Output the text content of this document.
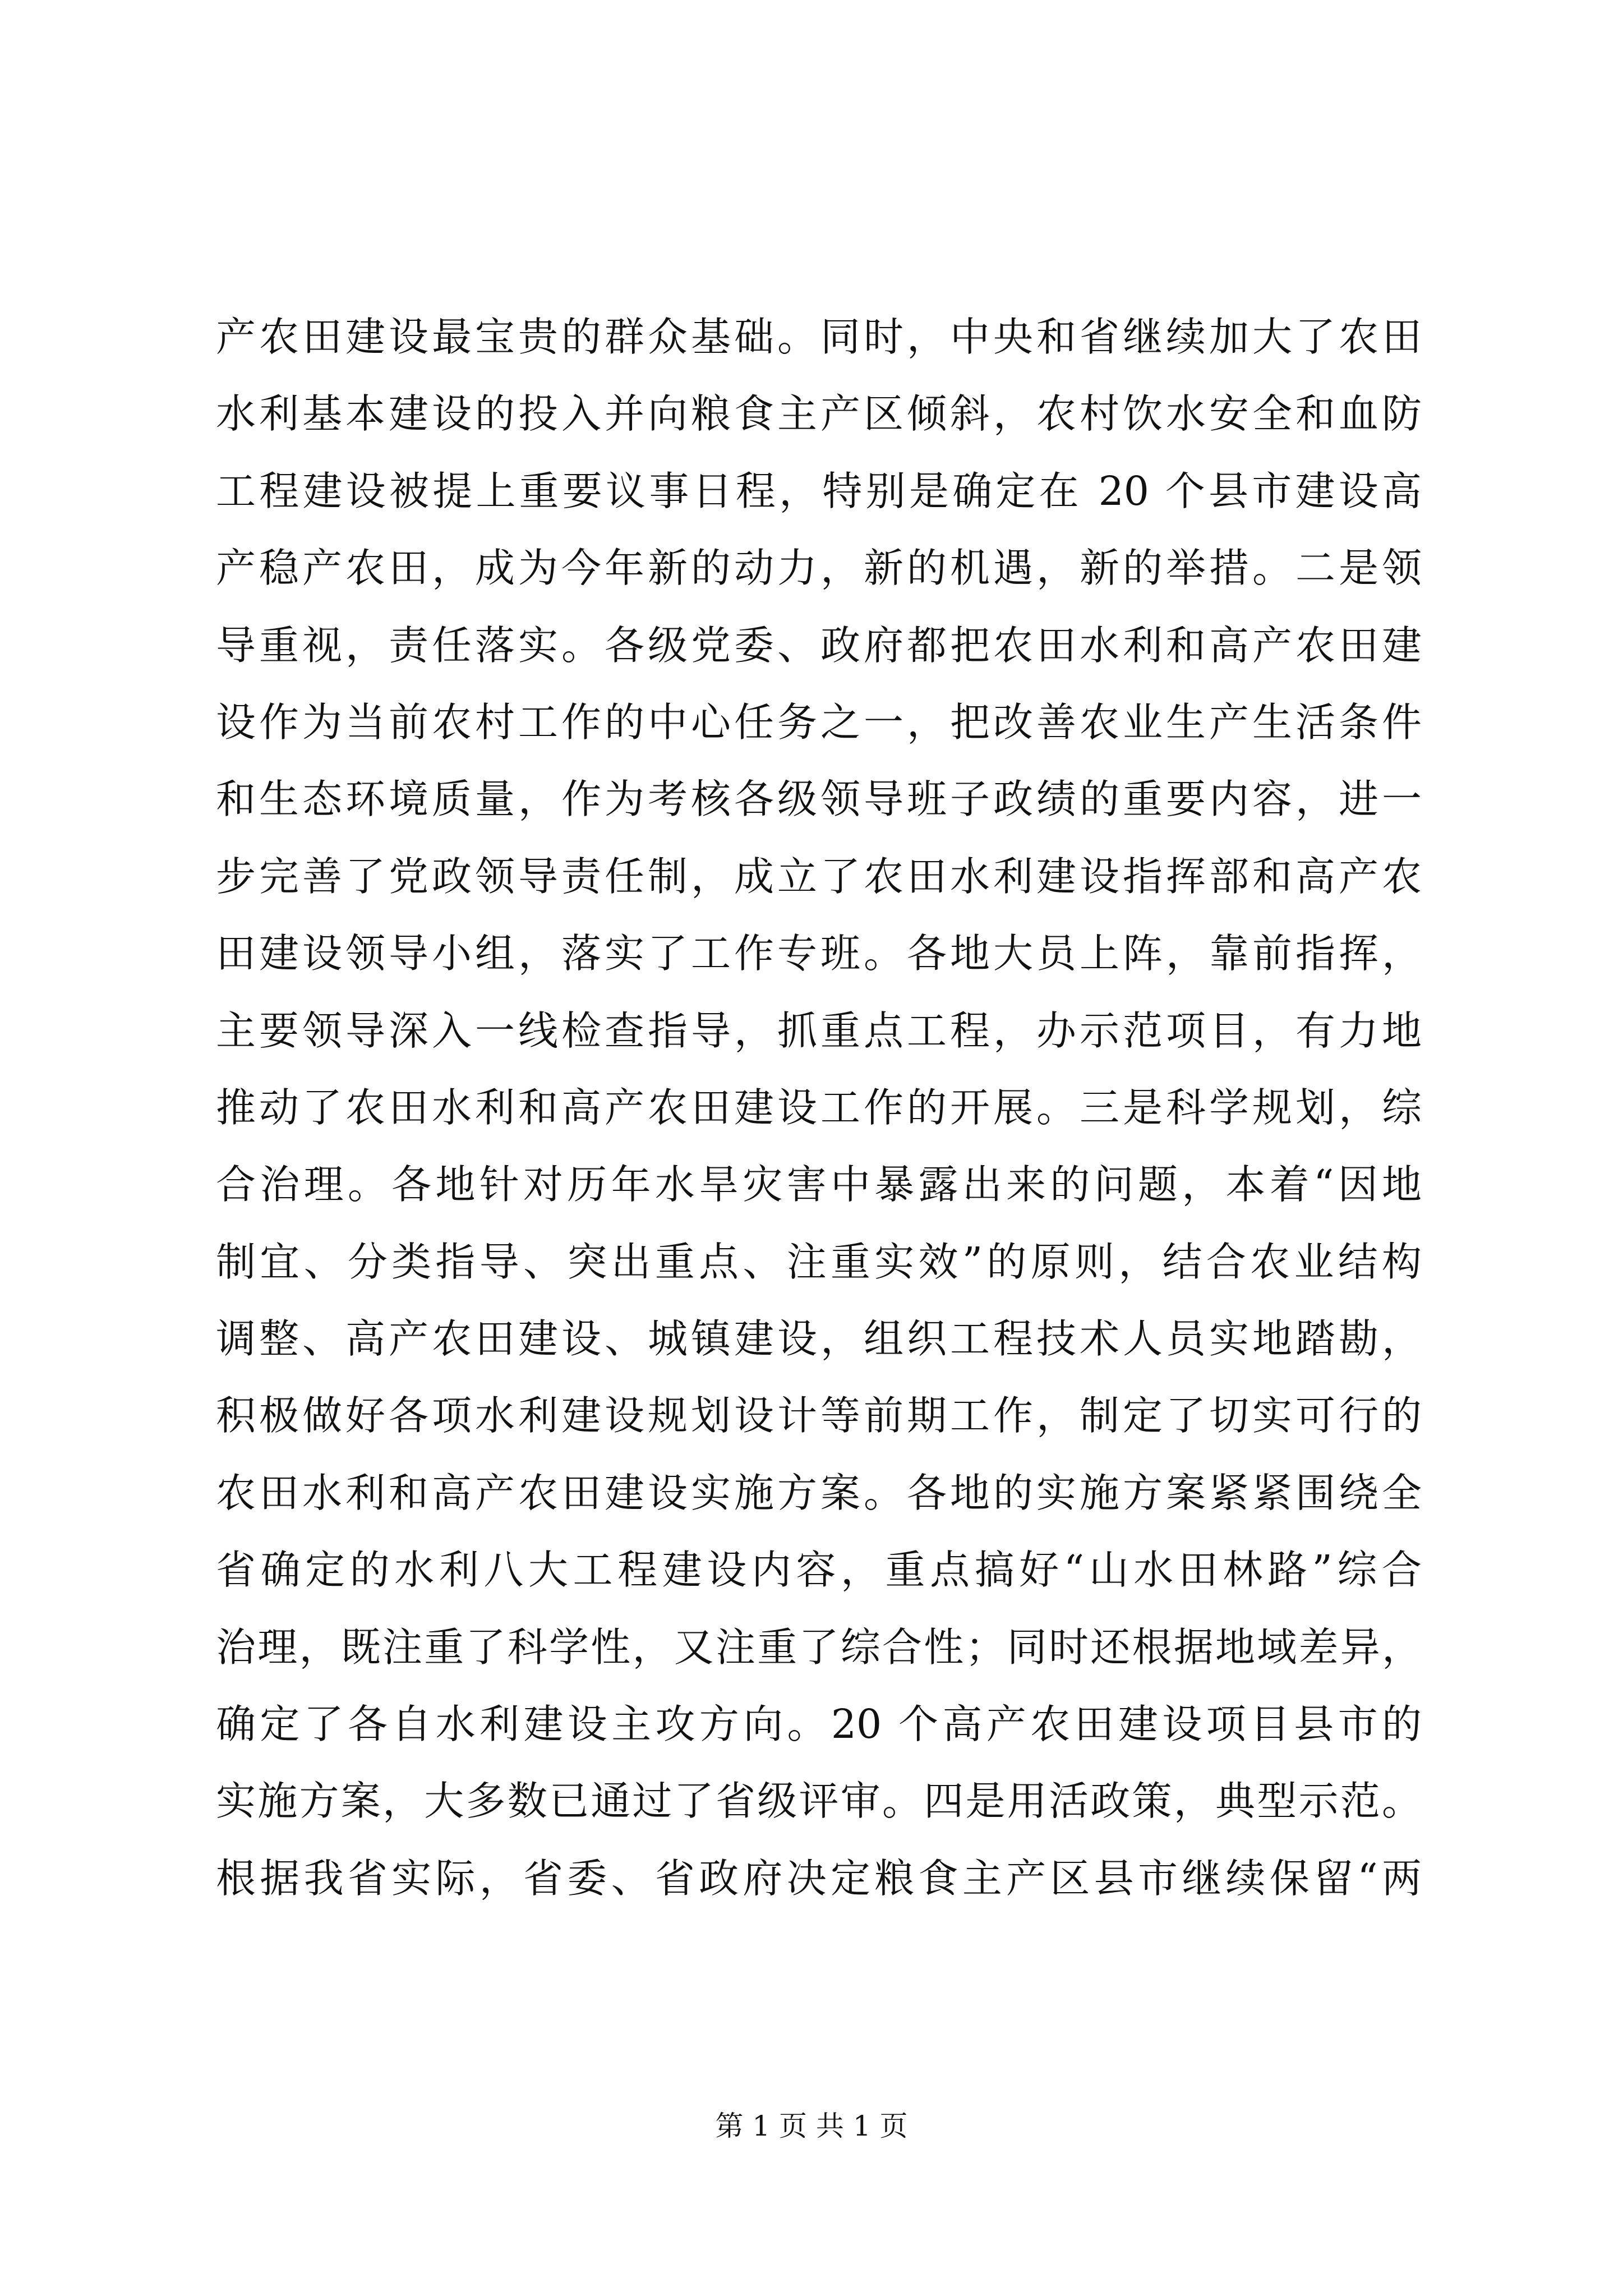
产农田建设最宝贵的群众基础。同时，中央和省继续加大了农田
水利基本建设的投入并向粮食主产区倾斜，农村饮水安全和血防
工程建设被提上重要议事日程，特别是确定在 20 个县市建设高
产稳产农田，成为今年新的动力，新的机遇，新的举措。二是领
导重视，责任落实。各级党委、政府都把农田水利和高产农田建
设作为当前农村工作的中心任务之一，把改善农业生产生活条件
和生态环境质量，作为考核各级领导班子政绩的重要内容，进一
步完善了党政领导责任制，成立了农田水利建设指挥部和高产农
田建设领导小组，落实了工作专班。各地大员上阵，靠前指挥，
主要领导深入一线检查指导，抓重点工程，办示范项目，有力地
推动了农田水利和高产农田建设工作的开展。三是科学规划，综
合治理。各地针对历年水旱灾害中暴露出来的问题，本着“因地
制宜、分类指导、突出重点、注重实效”的原则，结合农业结构
调整、高产农田建设、城镇建设，组织工程技术人员实地踏勘，
积极做好各项水利建设规划设计等前期工作，制定了切实可行的
农田水利和高产农田建设实施方案。各地的实施方案紧紧围绕全
省确定的水利八大工程建设内容，重点搞好“山水田林路”综合
治理，既注重了科学性，又注重了综合性；同时还根据地域差异，
确定了各自水利建设主攻方向。20 个高产农田建设项目县市的
实施方案，大多数已通过了省级评审。四是用活政策，典型示范。
根据我省实际，省委、省政府决定粮食主产区县市继续保留“两
第 1 页 共 1 页
